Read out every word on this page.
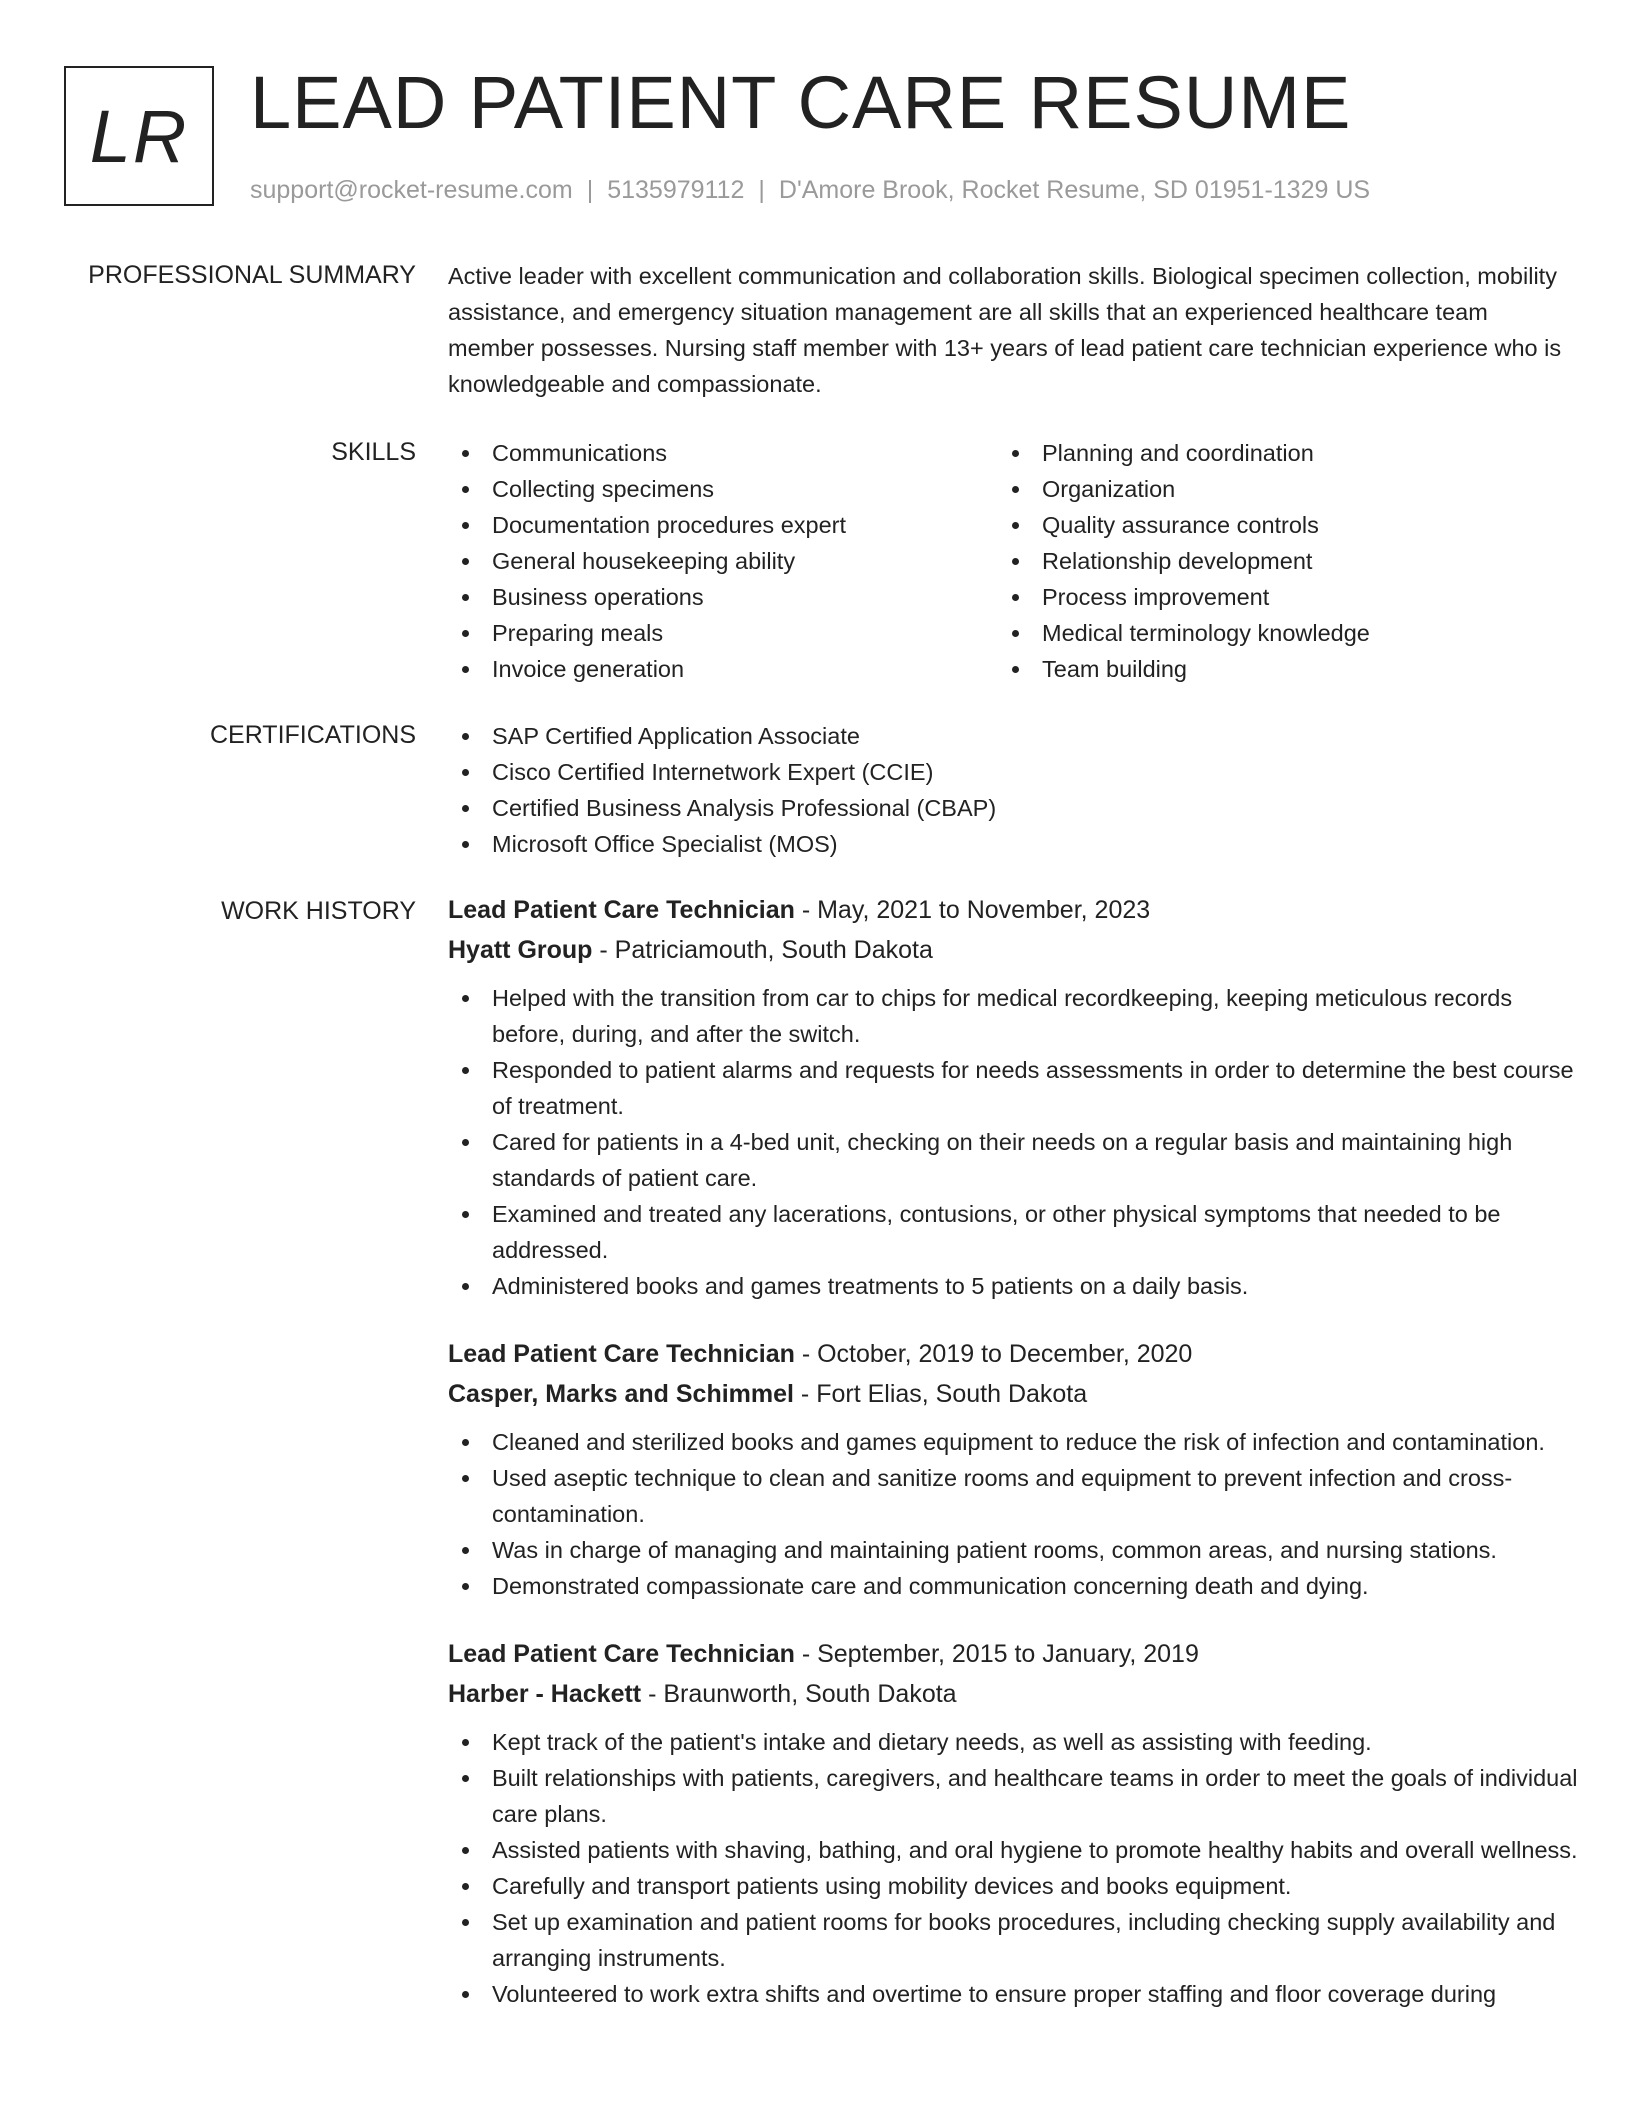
LR LEAD PATIENT CARE RESUME
support@rocket-resume.com | 5135979112 | D'Amore Brook, Rocket Resume, SD 01951-1329 US
PROFESSIONAL SUMMARY Active leader with excellent communication and collaboration skills. Biological specimen collection, mobility assistance, and emergency situation management are all skills that an experienced healthcare team member possesses. Nursing staff member with 13+ years of lead patient care technician experience who is knowledgeable and compassionate.

SKILLS	Communications
Collecting specimens
Documentation procedures expert
General housekeeping ability
Business operations
Preparing meals
Invoice generation
Planning and coordination
Organization
Quality assurance controls
Relationship development
Process improvement
Medical terminology knowledge
Team building
CERTIFICATIONS	SAP Certified Application Associate
Cisco Certified Internetwork Expert (CCIE)
Certified Business Analysis Professional (CBAP)
Microsoft Office Specialist (MOS)
WORK HISTORY Lead Patient Care Technician - May, 2021 to November, 2023
Hyatt Group - Patriciamouth, South Dakota
Helped with the transition from car to chips for medical recordkeeping, keeping meticulous records before, during, and after the switch.
Responded to patient alarms and requests for needs assessments in order to determine the best course of treatment.
Cared for patients in a 4-bed unit, checking on their needs on a regular basis and maintaining high standards of patient care.
Examined and treated any lacerations, contusions, or other physical symptoms that needed to be addressed.
Administered books and games treatments to 5 patients on a daily basis.
Lead Patient Care Technician - October, 2019 to December, 2020
Casper, Marks and Schimmel - Fort Elias, South Dakota
Cleaned and sterilized books and games equipment to reduce the risk of infection and contamination.
Used aseptic technique to clean and sanitize rooms and equipment to prevent infection and cross-contamination.
Was in charge of managing and maintaining patient rooms, common areas, and nursing stations.
Demonstrated compassionate care and communication concerning death and dying.
Lead Patient Care Technician - September, 2015 to January, 2019
Harber - Hackett - Braunworth, South Dakota
Kept track of the patient's intake and dietary needs, as well as assisting with feeding.
Built relationships with patients, caregivers, and healthcare teams in order to meet the goals of individual care plans.
Assisted patients with shaving, bathing, and oral hygiene to promote healthy habits and overall wellness.
Carefully and transport patients using mobility devices and books equipment.
Set up examination and patient rooms for books procedures, including checking supply availability and arranging instruments.
Volunteered to work extra shifts and overtime to ensure proper staffing and floor coverage during
